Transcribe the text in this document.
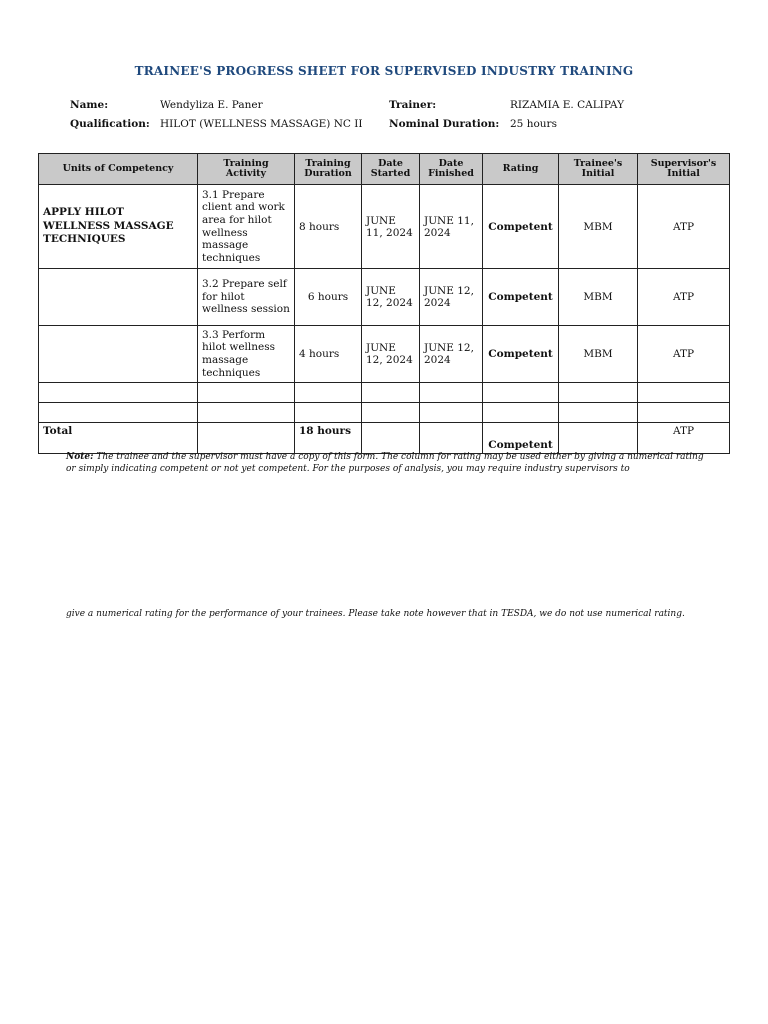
TRAINEE'S PROGRESS SHEET FOR SUPERVISED INDUSTRY TRAINING
Name:	Wendyliza E. Paner	Trainer:	RIZAMIA E. CALIPAY
Qualification: HILOT (WELLNESS MASSAGE) NC II	Nominal Duration: 25 hours
Units of Competency	Training Activity	Training Duration	Date Started	Date Finished	Rating	Trainee's Initial	Supervisor's Initial
APPLY HILOT WELLNESS MASSAGE TECHNIQUES	3.1 Prepare client and work area for hilot wellness massage techniques	8 hours	JUNE 11, 2024	JUNE 11, 2024	Competent	MBM	ATP
	3.2 Prepare self for hilot wellness session	6 hours	JUNE 12, 2024	JUNE 12, 2024	Competent	MBM	ATP
	3.3 Perform hilot wellness massage techniques	4 hours	JUNE 12, 2024	JUNE 12, 2024	Competent	MBM	ATP

Total		18 hours			Competent		ATP
Note: The trainee and the supervisor must have a copy of this form. The column for rating may be used either by giving a numerical rating or simply indicating competent or not yet competent. For the purposes of analysis, you may require industry supervisors to
give a numerical rating for the performance of your trainees. Please take note however that in TESDA, we do not use numerical rating.
